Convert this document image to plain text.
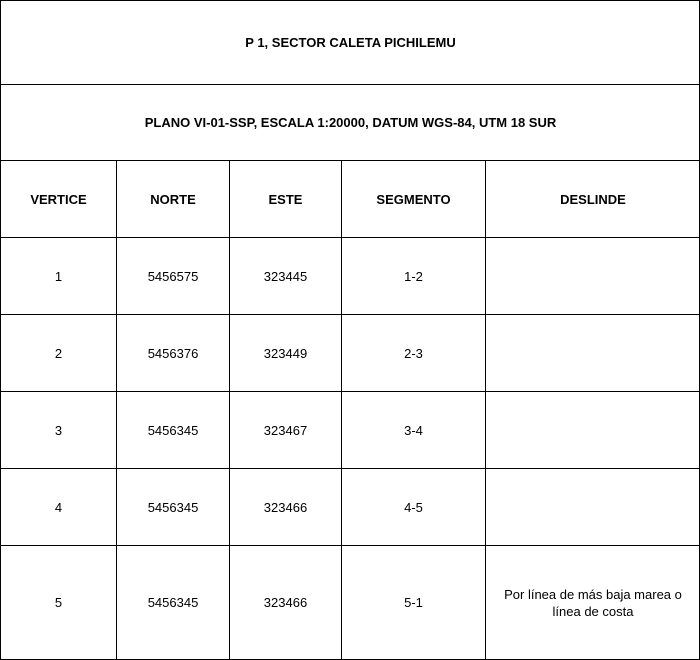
P 1, SECTOR CALETA PICHILEMU				
PLANO VI-01-SSP, ESCALA 1:20000, DATUM WGS-84, UTM 18 SUR				
VERTICE	NORTE	ESTE	SEGMENTO	DESLINDE
1	5456575	323445	1-2	
2	5456376	323449	2-3	
3	5456345	323467	3-4	
4	5456345	323466	4-5	
5	5456345	323466	5-1	Por línea de más baja marea o línea de costa
